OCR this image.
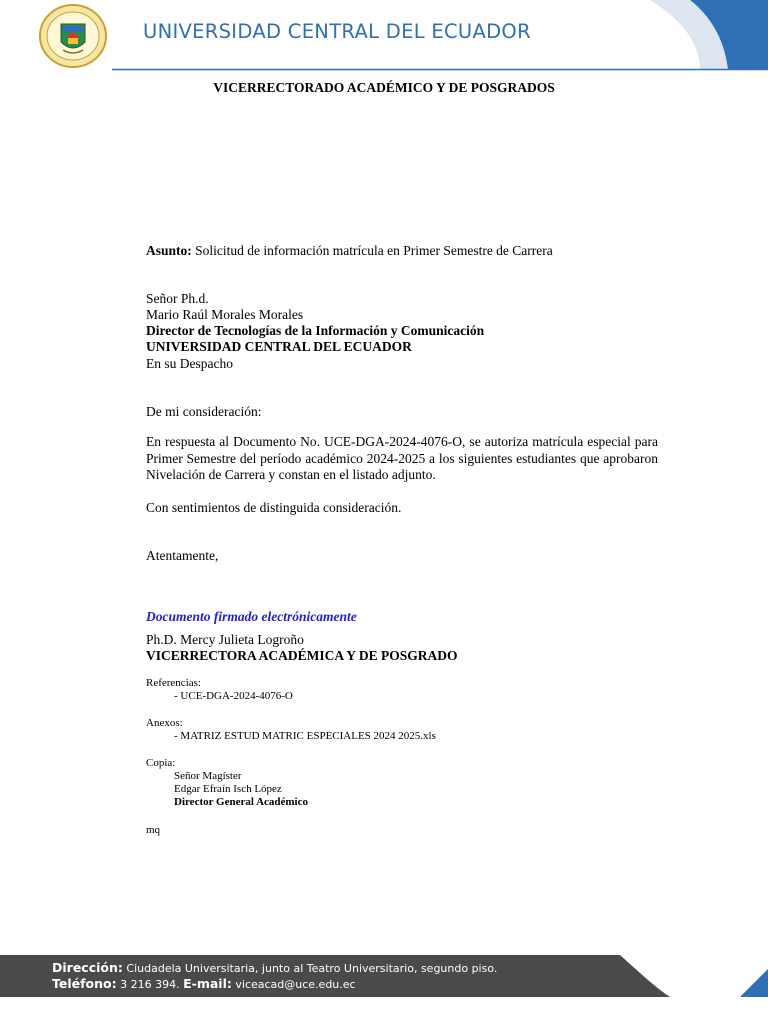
UNIVERSIDAD CENTRAL DEL ECUADOR
VICERRECTORADO ACADÉMICO Y DE POSGRADOS
Asunto: Solicitud de información matrícula en Primer Semestre de Carrera
Señor Ph.d.
Mario Raúl Morales Morales
Director de Tecnologías de la Información y Comunicación
UNIVERSIDAD CENTRAL DEL ECUADOR
En su Despacho
De mi consideración:
En respuesta al Documento No. UCE-DGA-2024-4076-O, se autoriza matrícula especial para Primer Semestre del período académico 2024-2025 a los siguientes estudiantes que aprobaron Nivelación de Carrera y constan en el listado adjunto.
Con sentimientos de distinguida consideración.
Atentamente,
Documento firmado electrónicamente
Ph.D. Mercy Julieta Logroño
VICERRECTORA ACADÉMICA Y DE POSGRADO
Referencias:
- UCE-DGA-2024-4076-O
Anexos:
- MATRIZ ESTUD MATRIC ESPECIALES 2024 2025.xls
Copia:
Señor Magíster
Edgar Efraín Isch López
Director General Académico
mq
Dirección: Ciudadela Universitaria, junto al Teatro Universitario, segundo piso.
Teléfono: 3 216 394. E-mail: viceacad@uce.edu.ec
